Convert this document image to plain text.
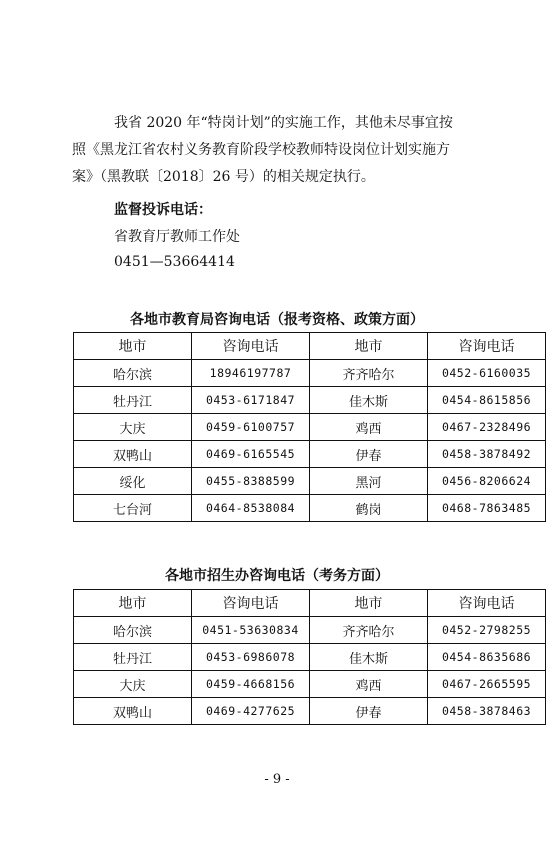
我省 2020 年“特岗计划”的实施工作，其他未尽事宜按

照《黑龙江省农村义务教育阶段学校教师特设岗位计划实施方

案》（黑教联〔2018〕26 号）的相关规定执行。

监督投诉电话：
省教育厅教师工作处
0451—53664414
各地市教育局咨询电话（报考资格、政策方面）
地市	咨询电话	地市	咨询电话
哈尔滨	18946197787	齐齐哈尔	0452-6160035
牡丹江	0453-6171847	佳木斯	0454-8615856
大庆	0459-6100757	鸡西	0467-2328496
双鸭山	0469-6165545	伊春	0458-3878492
绥化	0455-8388599	黑河	0456-8206624
七台河	0464-8538084	鹤岗	0468-7863485
各地市招生办咨询电话（考务方面）
地市	咨询电话	地市	咨询电话
哈尔滨	0451-53630834	齐齐哈尔	0452-2798255
牡丹江	0453-6986078	佳木斯	0454-8635686
大庆	0459-4668156	鸡西	0467-2665595
双鸭山	0469-4277625	伊春	0458-3878463
- 9 -
